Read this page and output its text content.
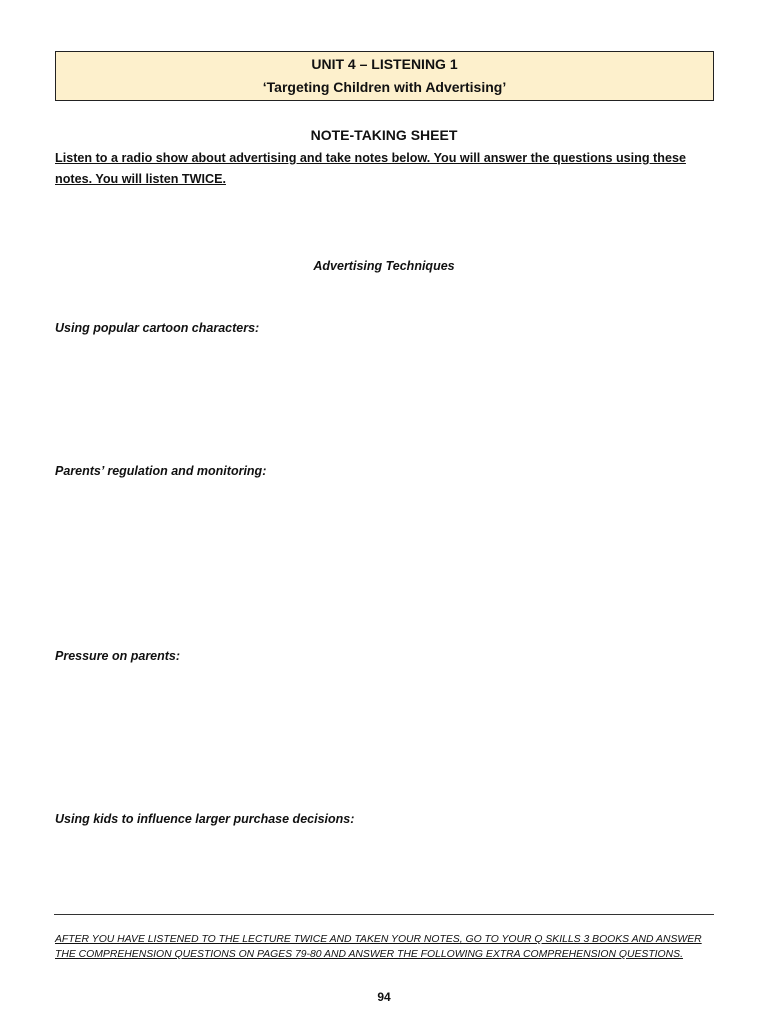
UNIT 4 – LISTENING 1
‘Targeting Children with Advertising’
NOTE-TAKING SHEET
Listen to a radio show about advertising and take notes below. You will answer the questions using these notes. You will listen TWICE.
Advertising Techniques
Using popular cartoon characters:
Parents’ regulation and monitoring:
Pressure on parents:
Using kids to influence larger purchase decisions:
AFTER YOU HAVE LISTENED TO THE LECTURE TWICE AND TAKEN YOUR NOTES, GO TO YOUR Q SKILLS 3 BOOKS AND ANSWER THE COMPREHENSION QUESTIONS ON PAGES 79-80 AND ANSWER THE FOLLOWING EXTRA COMPREHENSION QUESTIONS.
94
